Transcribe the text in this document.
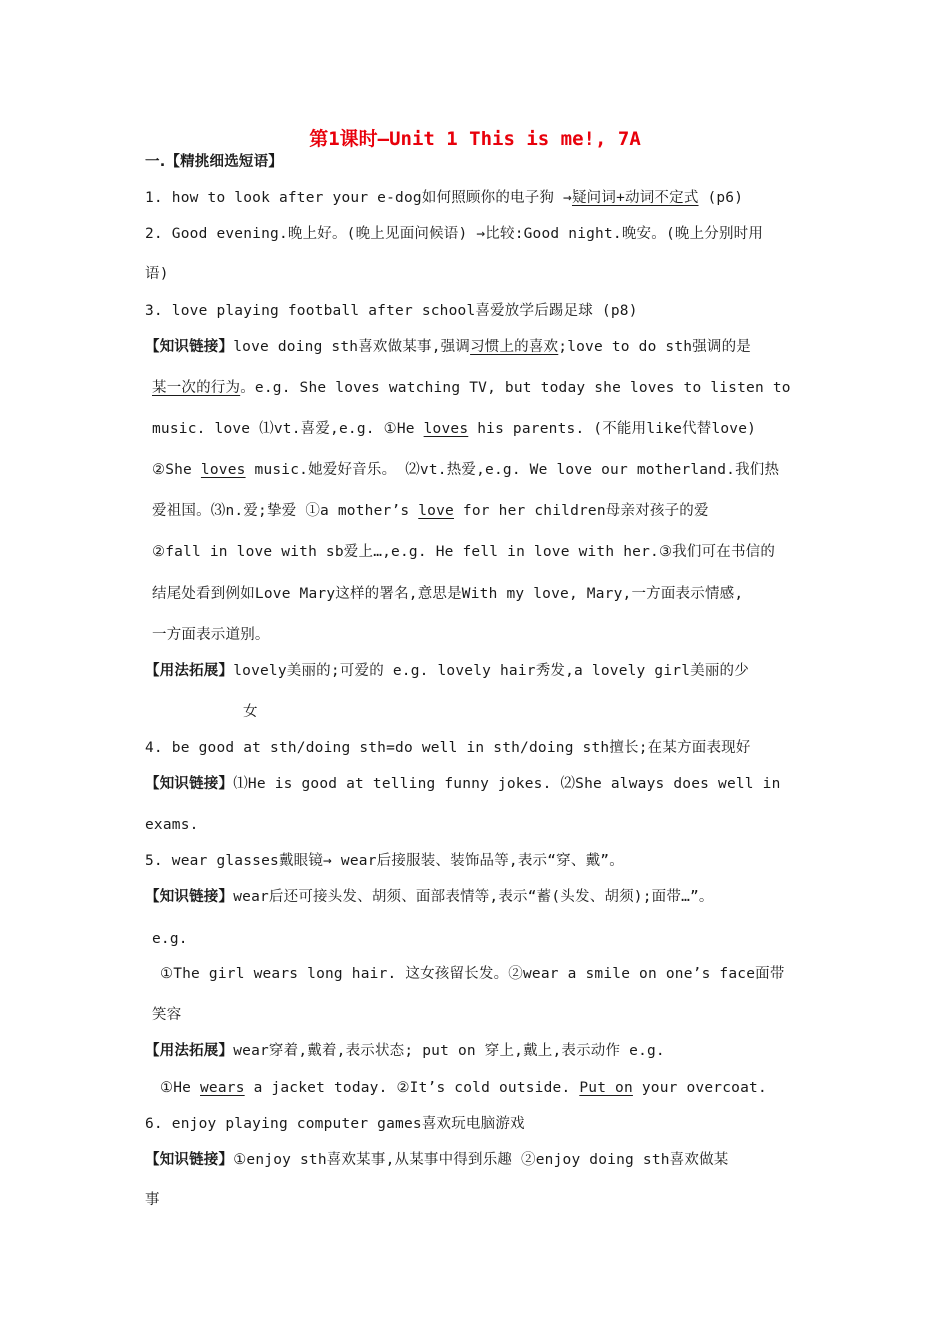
第1课时—Unit 1 This is me!, 7A
一.【精挑细选短语】
1. how to look after your e-dog如何照顾你的电子狗 →疑问词+动词不定式 (p6)
2. Good evening.晚上好。(晚上见面问候语) →比较:Good night.晚安。(晚上分别时用
语)
3. love playing football after school喜爱放学后踢足球 (p8)
【知识链接】love doing sth喜欢做某事,强调习惯上的喜欢;love to do sth强调的是
某一次的行为。e.g. She loves watching TV, but today she loves to listen to
music. love ⑴vt.喜爱,e.g. ①He loves his parents. (不能用like代替love)
②She loves music.她爱好音乐。 ⑵vt.热爱,e.g. We love our motherland.我们热
爱祖国。⑶n.爱;挚爱 ①a mother’s love for her children母亲对孩子的爱
②fall in love with sb爱上…,e.g. He fell in love with her.③我们可在书信的
结尾处看到例如Love Mary这样的署名,意思是With my love, Mary,一方面表示情感,
一方面表示道别。
【用法拓展】lovely美丽的;可爱的 e.g. lovely hair秀发,a lovely girl美丽的少
女
4. be good at sth/doing sth=do well in sth/doing sth擅长;在某方面表现好
【知识链接】⑴He is good at telling funny jokes. ⑵She always does well in
exams.
5. wear glasses戴眼镜→ wear后接服装、装饰品等,表示“穿、戴”。
【知识链接】wear后还可接头发、胡须、面部表情等,表示“蓄(头发、胡须);面带…”。
e.g.
①The girl wears long hair. 这女孩留长发。②wear a smile on one’s face面带
笑容
【用法拓展】wear穿着,戴着,表示状态; put on 穿上,戴上,表示动作 e.g.
①He wears a jacket today. ②It’s cold outside. Put on your overcoat.
6. enjoy playing computer games喜欢玩电脑游戏
【知识链接】①enjoy sth喜欢某事,从某事中得到乐趣 ②enjoy doing sth喜欢做某
事
